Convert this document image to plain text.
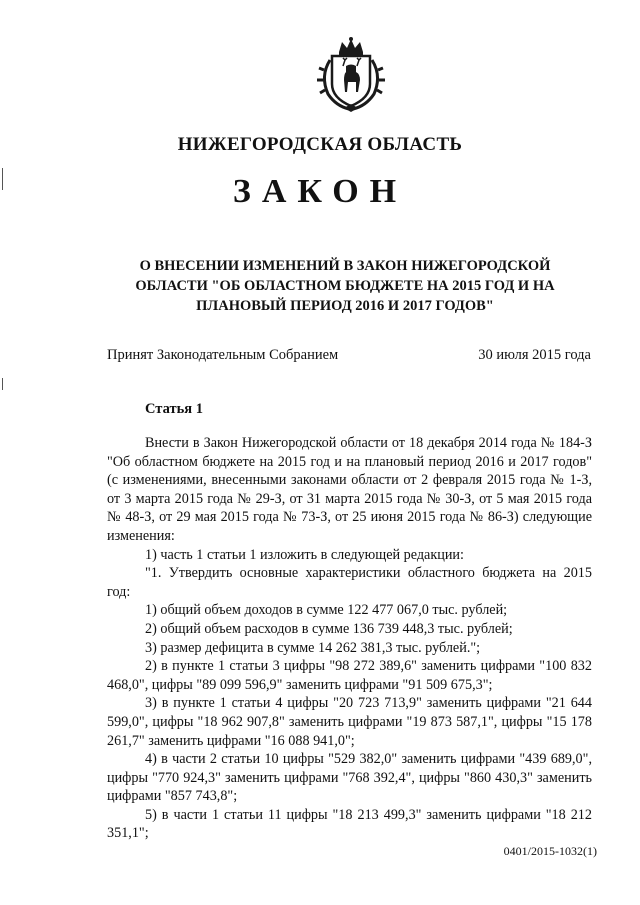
НИЖЕГОРОДСКАЯ ОБЛАСТЬ
ЗАКОН
О ВНЕСЕНИИ ИЗМЕНЕНИЙ В ЗАКОН НИЖЕГОРОДСКОЙ ОБЛАСТИ "ОБ ОБЛАСТНОМ БЮДЖЕТЕ НА 2015 ГОД И НА ПЛАНОВЫЙ ПЕРИОД 2016 И 2017 ГОДОВ"
Принят Законодательным Собранием	30 июля 2015 года
Статья 1

Внести в Закон Нижегородской области от 18 декабря 2014 года № 184-З "Об областном бюджете на 2015 год и на плановый период 2016 и 2017 годов" (с изменениями, внесенными законами области от 2 февраля 2015 года № 1-З, от 3 марта 2015 года № 29-З, от 31 марта 2015 года № 30-З, от 5 мая 2015 года № 48-З, от 29 мая 2015 года № 73-З, от 25 июня 2015 года № 86-З) следующие изменения:

1) часть 1 статьи 1 изложить в следующей редакции:

"1. Утвердить основные характеристики областного бюджета на 2015 год:

1) общий объем доходов в сумме 122 477 067,0 тыс. рублей;

2) общий объем расходов в сумме 136 739 448,3 тыс. рублей;

3) размер дефицита в сумме 14 262 381,3 тыс. рублей.";

2) в пункте 1 статьи 3 цифры "98 272 389,6" заменить цифрами "100 832 468,0", цифры "89 099 596,9" заменить цифрами "91 509 675,3";

3) в пункте 1 статьи 4 цифры "20 723 713,9" заменить цифрами "21 644 599,0", цифры "18 962 907,8" заменить цифрами "19 873 587,1", цифры "15 178 261,7" заменить цифрами "16 088 941,0";

4) в части 2 статьи 10 цифры "529 382,0" заменить цифрами "439 689,0", цифры "770 924,3" заменить цифрами "768 392,4", цифры "860 430,3" заменить цифрами "857 743,8";

5) в части 1 статьи 11 цифры "18 213 499,3" заменить цифрами "18 212 351,1";

0401/2015-1032(1)
